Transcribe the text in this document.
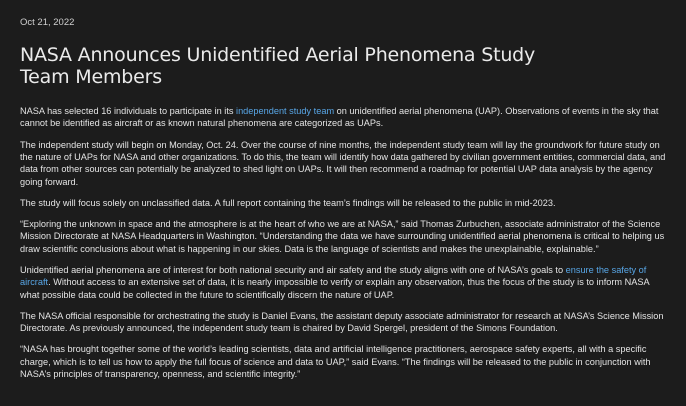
Oct 21, 2022
NASA Announces Unidentified Aerial Phenomena Study
Team Members

NASA has selected 16 individuals to participate in its independent study team on unidentified aerial phenomena (UAP). Observations of events in the sky that cannot be identified as aircraft or as known natural phenomena are categorized as UAPs.

The independent study will begin on Monday, Oct. 24. Over the course of nine months, the independent study team will lay the groundwork for future study on the nature of UAPs for NASA and other organizations. To do this, the team will identify how data gathered by civilian government entities, commercial data, and data from other sources can potentially be analyzed to shed light on UAPs. It will then recommend a roadmap for potential UAP data analysis by the agency going forward.

The study will focus solely on unclassified data. A full report containing the team’s findings will be released to the public in mid-2023.

“Exploring the unknown in space and the atmosphere is at the heart of who we are at NASA,” said Thomas Zurbuchen, associate administrator of the Science Mission Directorate at NASA Headquarters in Washington. “Understanding the data we have surrounding unidentified aerial phenomena is critical to helping us draw scientific conclusions about what is happening in our skies. Data is the language of scientists and makes the unexplainable, explainable.”

Unidentified aerial phenomena are of interest for both national security and air safety and the study aligns with one of NASA’s goals to ensure the safety of aircraft. Without access to an extensive set of data, it is nearly impossible to verify or explain any observation, thus the focus of the study is to inform NASA what possible data could be collected in the future to scientifically discern the nature of UAP.

The NASA official responsible for orchestrating the study is Daniel Evans, the assistant deputy associate administrator for research at NASA’s Science Mission Directorate. As previously announced, the independent study team is chaired by David Spergel, president of the Simons Foundation.

“NASA has brought together some of the world’s leading scientists, data and artificial intelligence practitioners, aerospace safety experts, all with a specific charge, which is to tell us how to apply the full focus of science and data to UAP,” said Evans. “The findings will be released to the public in conjunction with NASA’s principles of transparency, openness, and scientific integrity.”
